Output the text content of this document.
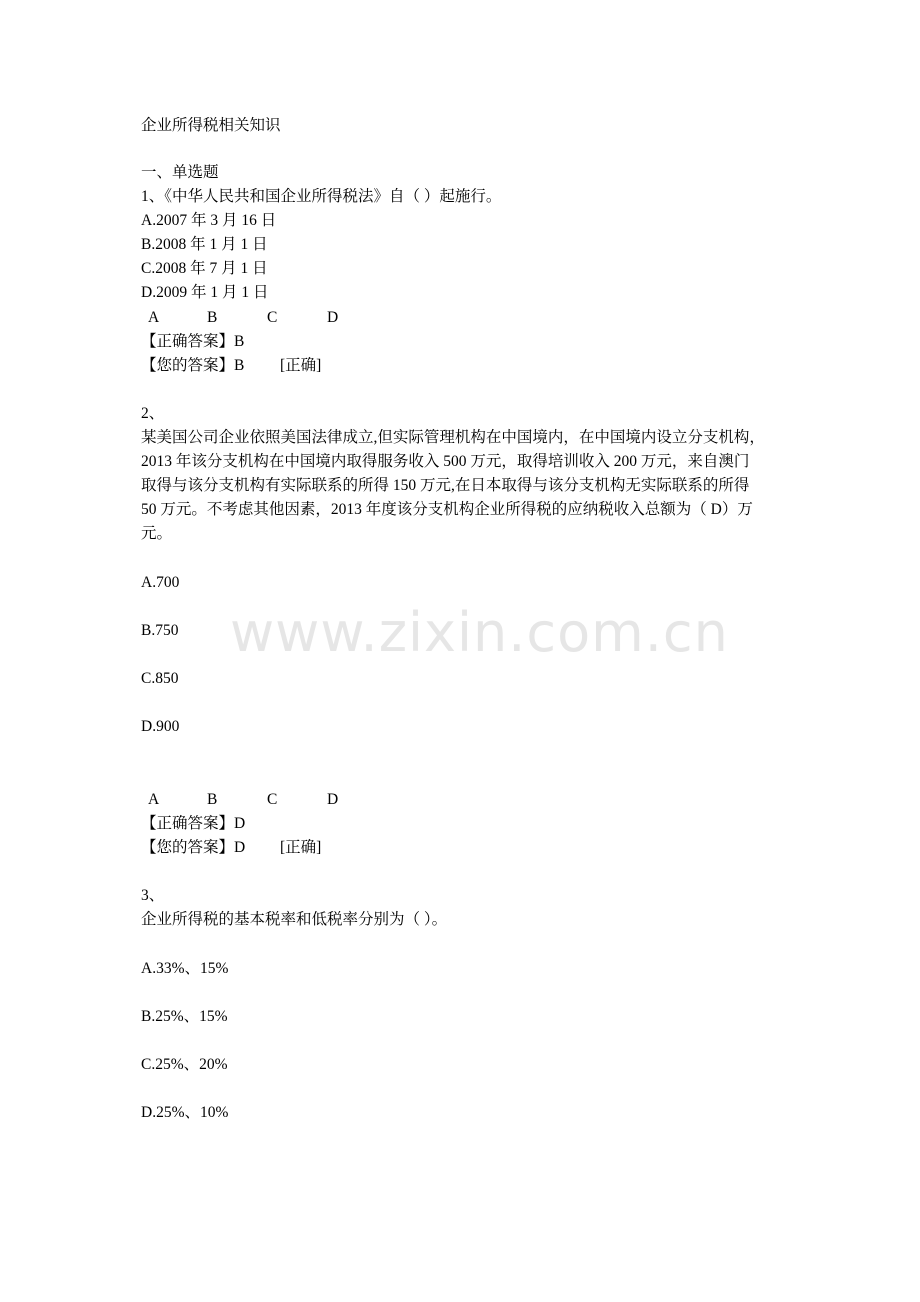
www.zixin.com.cn
企业所得税相关知识
一、单选题
1、《中华人民共和国企业所得税法》自（ ）起施行。
A.2007 年 3 月 16 日
B.2008 年 1 月 1 日
C.2008 年 7 月 1 日
D.2009 年 1 月 1 日
A	B	C	D
【正确答案】B
【您的答案】B [正确]
2、
某美国公司企业依照美国法律成立,但实际管理机构在中国境内，在中国境内设立分支机构，
2013 年该分支机构在中国境内取得服务收入 500 万元，取得培训收入 200 万元，来自澳门
取得与该分支机构有实际联系的所得 150 万元,在日本取得与该分支机构无实际联系的所得
50 万元。不考虑其他因素，2013 年度该分支机构企业所得税的应纳税收入总额为（ D）万
元。
A.700
B.750
C.850
D.900
A	B	C	D
【正确答案】D
【您的答案】D [正确]
3、
企业所得税的基本税率和低税率分别为（ ）。
A.33%、15%
B.25%、15%
C.25%、20%
D.25%、10%
